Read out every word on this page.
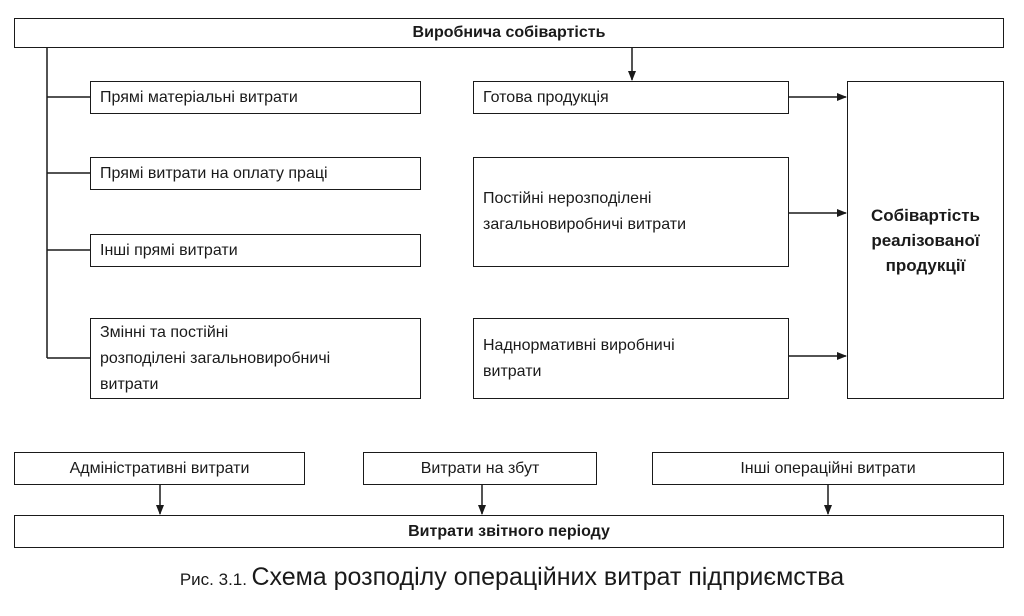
Виробнича собівартість
Прямі матеріальні витрати
Прямі витрати на оплату праці
Інші прямі витрати
Змінні та постійні
розподілені загальновиробничі
витрати
Готова продукція
Постійні нерозподілені
загальновиробничі витрати
Наднормативні виробничі
витрати
Собівартість
реалізованої
продукції
Адміністративні витрати	Витрати на збут	Інші операційні витрати
Витрати звітного періоду
Рис. 3.1. Схема розподілу операційних витрат підприємства
